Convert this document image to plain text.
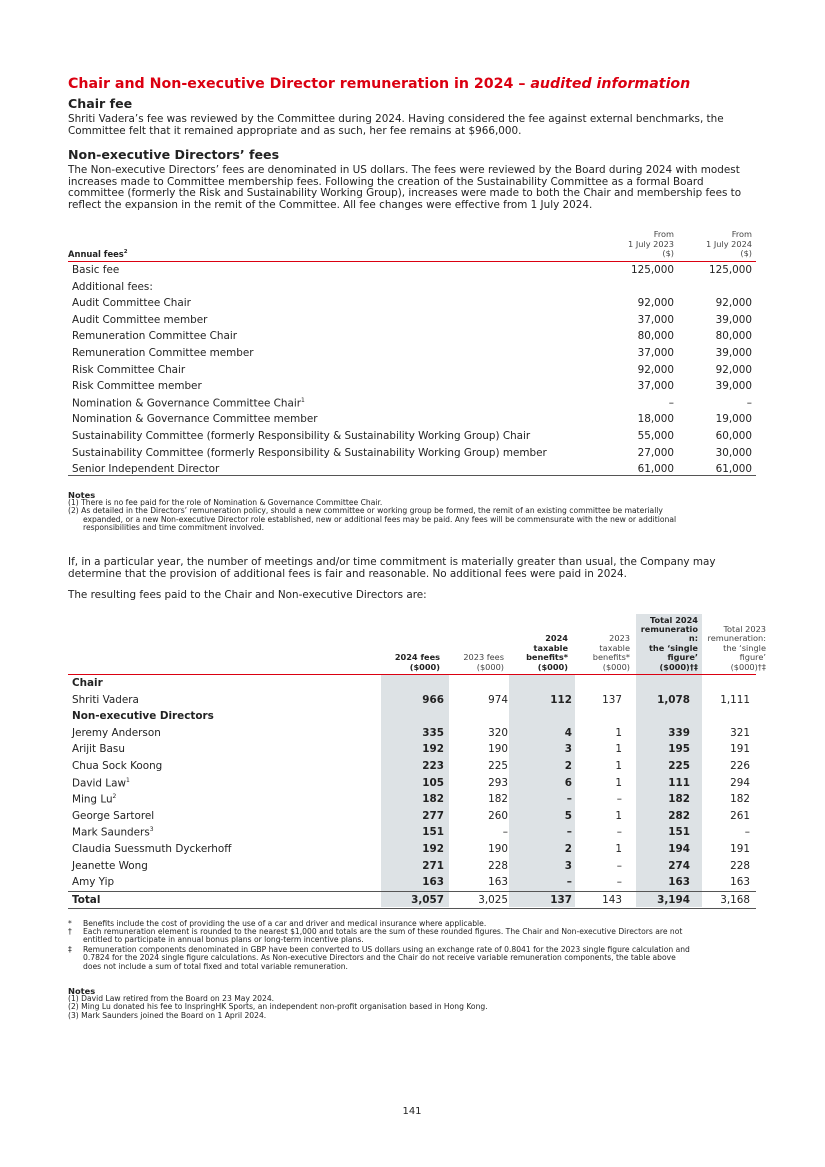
Chair and Non-executive Director remuneration in 2024 – audited information
Chair fee

Shriti Vadera’s fee was reviewed by the Committee during 2024. Having considered the fee against external benchmarks, the Committee felt that it remained appropriate and as such, her fee remains at $966,000.

Non-executive Directors’ fees

The Non-executive Directors’ fees are denominated in US dollars. The fees were reviewed by the Board during 2024 with modest increases made to Committee membership fees. Following the creation of the Sustainability Committee as a formal Board committee (formerly the Risk and Sustainability Working Group), increases were made to both the Chair and membership fees to reflect the expansion in the remit of the Committee. All fee changes were effective from 1 July 2024.

Annual fees$^2$
From
1 July 2023
($)
From
1 July 2024
($)
Basic fee	125,000	125,000
Additional fees:
Audit Committee Chair	92,000	92,000
Audit Committee member	37,000	39,000
Remuneration Committee Chair	80,000	80,000
Remuneration Committee member	37,000	39,000
Risk Committee Chair	92,000	92,000
Risk Committee member	37,000	39,000
Nomination & Governance Committee Chair$^1$	–	–
Nomination & Governance Committee member	18,000	19,000
Sustainability Committee (formerly Responsibility & Sustainability Working Group) Chair	55,000	60,000
Sustainability Committee (formerly Responsibility & Sustainability Working Group) member	27,000	30,000
Senior Independent Director	61,000	61,000
Notes
(1) There is no fee paid for the role of Nomination & Governance Committee Chair.
(2) As detailed in the Directors’ remuneration policy, should a new committee or working group be formed, the remit of an existing committee be materially

expanded, or a new Non-executive Director role established, new or additional fees may be paid. Any fees will be commensurate with the new or additional
responsibilities and time commitment involved.

If, in a particular year, the number of meetings and/or time commitment is materially greater than usual, the Company may determine that the provision of additional fees is fair and reasonable. No additional fees were paid in 2024.

The resulting fees paid to the Chair and Non-executive Directors are:

2024 fees
($000)
2023 fees
($000)
2024
taxable
benefits*
($000)
2023
taxable
benefits*
($000)
Total 2024
remuneratio
n:
the ‘single
figure’
($000)†‡
Total 2023
remuneration:
the ‘single
figure’
($000)†‡
Chair
Shriti Vadera	966	974	112	137	1,078	1,111
Non-executive Directors
Jeremy Anderson	335	320	4	1	339	321
Arijit Basu	192	190	3	1	195	191
Chua Sock Koong	223	225	2	1	225	226
David Law$^1$	105	293	6	1	111	294
Ming Lu$^2$	182	182	–	–	182	182
George Sartorel	277	260	5	1	282	261
Mark Saunders$^3$	151	–	–	–	151	–
Claudia Suessmuth Dyckerhoff	192	190	2	1	194	191
Jeanette Wong	271	228	3	–	274	228
Amy Yip	163	163	–	–	163	163
Total	3,057	3,025	137	143	3,194	3,168
*	Benefits include the cost of providing the use of a car and driver and medical insurance where applicable.
†	Each remuneration element is rounded to the nearest $1,000 and totals are the sum of these rounded figures. The Chair and Non-executive Directors are not
entitled to participate in annual bonus plans or long-term incentive plans.
‡	Remuneration components denominated in GBP have been converted to US dollars using an exchange rate of 0.8041 for the 2023 single figure calculation and
0.7824 for the 2024 single figure calculations. As Non-executive Directors and the Chair do not receive variable remuneration components, the table above
does not include a sum of total fixed and total variable remuneration.
Notes
(1) David Law retired from the Board on 23 May 2024.
(2) Ming Lu donated his fee to InspringHK Sports, an independent non-profit organisation based in Hong Kong.
(3) Mark Saunders joined the Board on 1 April 2024.
141
